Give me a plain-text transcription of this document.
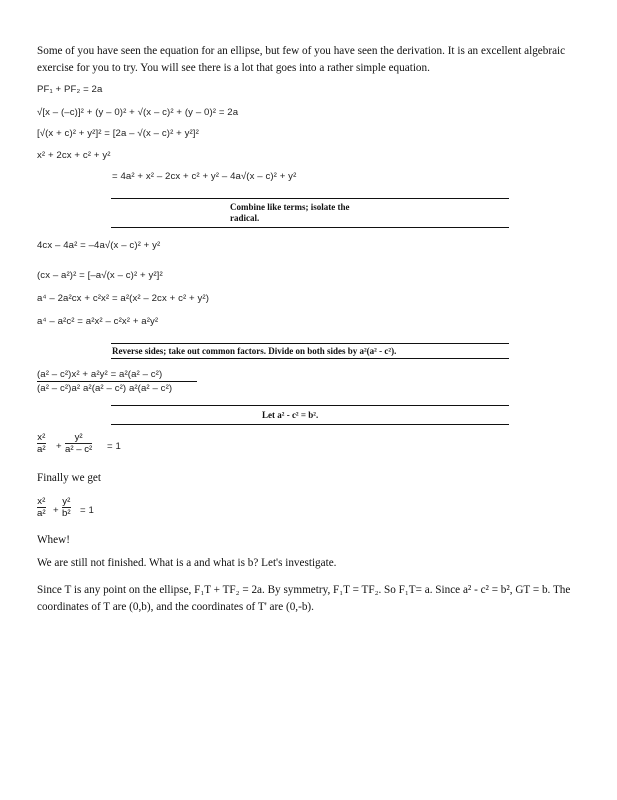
Some of you have seen the equation for an ellipse, but few of you have seen the derivation. It is an excellent algebraic exercise for you to try. You will see there is a lot that goes into a rather simple equation.
PF₁ + PF₂ = 2a
√[x – (–c)]² + (y – 0)² + √(x – c)² + (y – 0)² = 2a
[√(x + c)² + y²]² = [2a – √(x – c)² + y²]²
x² + 2cx + c² + y²
= 4a² + x² – 2cx + c² + y² – 4a√(x – c)² + y²
Combine like terms; isolate the
radical.
4cx – 4a² = –4a√(x – c)² + y²
(cx – a²)² = [–a√(x – c)² + y²]²
a⁴ – 2a²cx + c²x² = a²(x² – 2cx + c² + y²)
a⁴ – a²c² = a²x² – c²x² + a²y²
Reverse sides; take out common factors. Divide on both sides by a²(a² - c²).
(a² – c²)x² + a²y² = a²(a² – c²)
(a² – c²)a² a²(a² – c²) a²(a² – c²)
Let a² - c² = b².
x²
a² +
y²
a² – c² = 1
Finally we get
x²
a² +
y²
b² = 1
Whew!
We are still not finished. What is a and what is b? Let's investigate.
Since T is any point on the ellipse, F₁T + TF₂ = 2a. By symmetry, F₁T = TF₂. So F₁T= a. Since a² - c² = b², GT = b. The coordinates of T are (0,b), and the coordinates of T' are (0,-b).
